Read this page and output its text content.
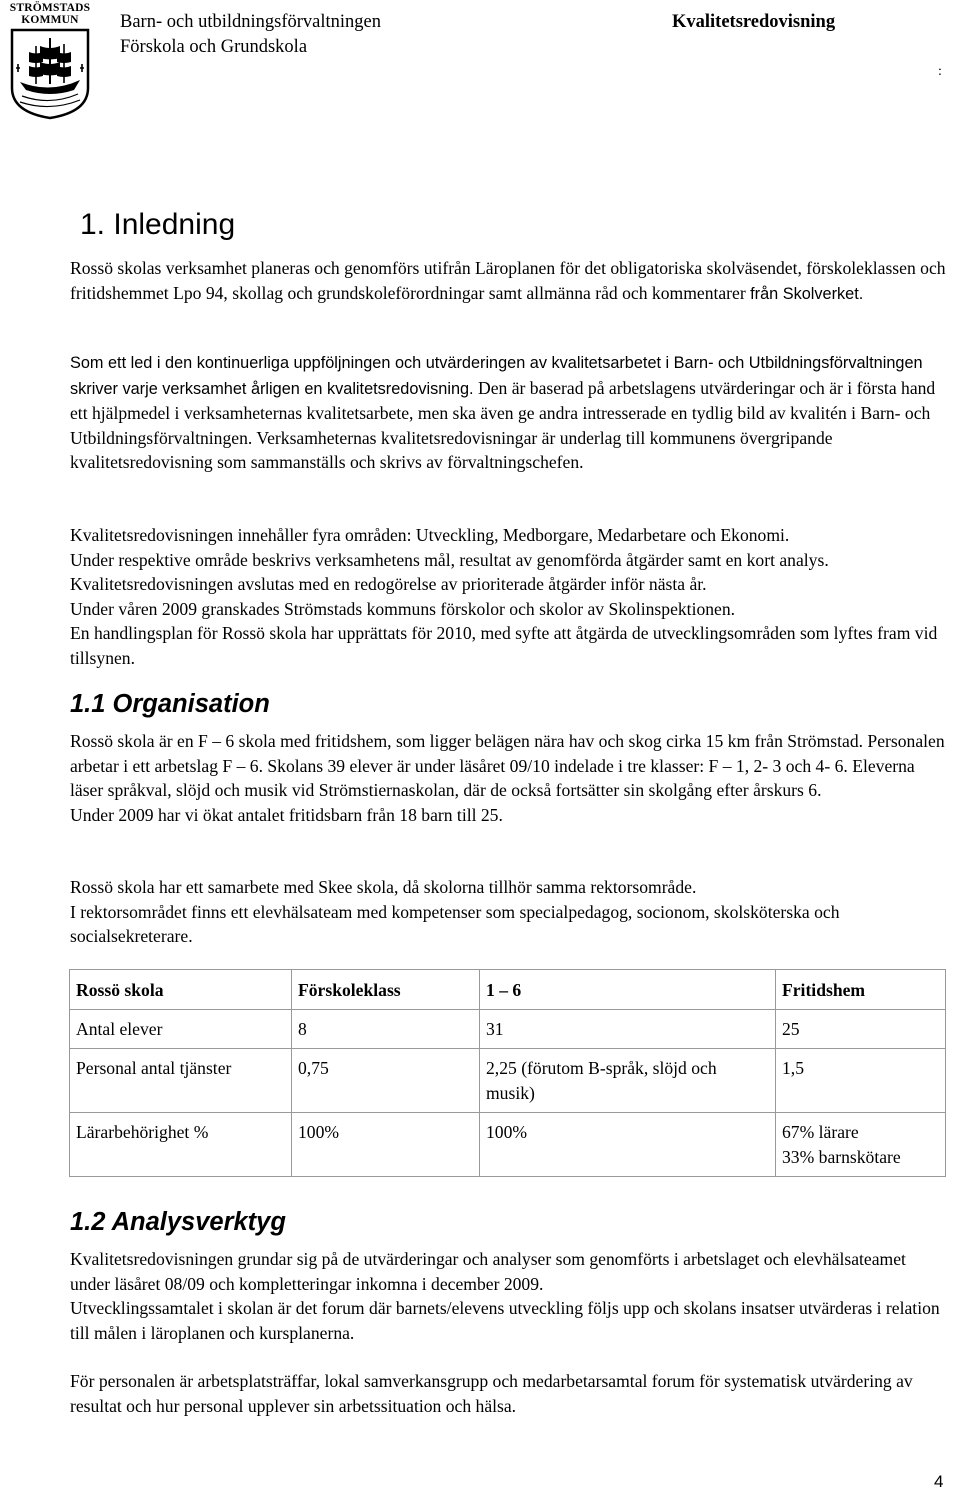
STRÖMSTADS
KOMMUN	Barn- och utbildningsförvaltningen
Förskola och Grundskola
Kvalitetsredovisning
:
1. Inledning

Rossö skolas verksamhet planeras och genomförs utifrån Läroplanen för det obligatoriska skolväsendet, förskoleklassen och fritidshemmet Lpo 94, skollag och grundskoleförordningar samt allmänna råd och kommentarer från Skolverket.

Som ett led i den kontinuerliga uppföljningen och utvärderingen av kvalitetsarbetet i Barn- och Utbildningsförvaltningen skriver varje verksamhet årligen en kvalitetsredovisning. Den är baserad på arbetslagens utvärderingar och är i första hand ett hjälpmedel i verksamheternas kvalitetsarbete, men ska även ge andra intresserade en tydlig bild av kvalitén i Barn- och Utbildningsförvaltningen. Verksamheternas kvalitetsredovisningar är underlag till kommunens övergripande kvalitetsredovisning som sammanställs och skrivs av förvaltningschefen.

Kvalitetsredovisningen innehåller fyra områden: Utveckling, Medborgare, Medarbetare och Ekonomi.
Under respektive område beskrivs verksamhetens mål, resultat av genomförda åtgärder samt en kort analys. Kvalitetsredovisningen avslutas med en redogörelse av prioriterade åtgärder inför nästa år.
Under våren 2009 granskades Strömstads kommuns förskolor och skolor av Skolinspektionen.
En handlingsplan för Rossö skola har upprättats för 2010, med syfte att åtgärda de utvecklingsområden som lyftes fram vid tillsynen.

1.1 Organisation

Rossö skola är en F – 6 skola med fritidshem, som ligger belägen nära hav och skog cirka 15 km från Strömstad. Personalen arbetar i ett arbetslag F – 6. Skolans 39 elever är under läsåret 09/10 indelade i tre klasser: F – 1, 2- 3 och 4- 6. Eleverna läser språkval, slöjd och musik vid Strömstiernaskolan, där de också fortsätter sin skolgång efter årskurs 6.
Under 2009 har vi ökat antalet fritidsbarn från 18 barn till 25.

Rossö skola har ett samarbete med Skee skola, då skolorna tillhör samma rektorsområde.
I rektorsområdet finns ett elevhälsateam med kompetenser som specialpedagog, socionom, skolsköterska och socialsekreterare.

Rossö skola	Förskoleklass	1 – 6	Fritidshem
Antal elever	8	31	25
Personal antal tjänster	0,75	2,25 (förutom B-språk, slöjd och musik)	1,5
Lärarbehörighet %	100%	100%	67% lärare
33% barnskötare
1.2 Analysverktyg

Kvalitetsredovisningen grundar sig på de utvärderingar och analyser som genomförts i arbetslaget och elevhälsateamet under läsåret 08/09 och kompletteringar inkomna i december 2009.
Utvecklingssamtalet i skolan är det forum där barnets/elevens utveckling följs upp och skolans insatser utvärderas i relation till målen i läroplanen och kursplanerna.

För personalen är arbetsplatsträffar, lokal samverkansgrupp och medarbetarsamtal forum för systematisk utvärdering av resultat och hur personal upplever sin arbetssituation och hälsa.

4
